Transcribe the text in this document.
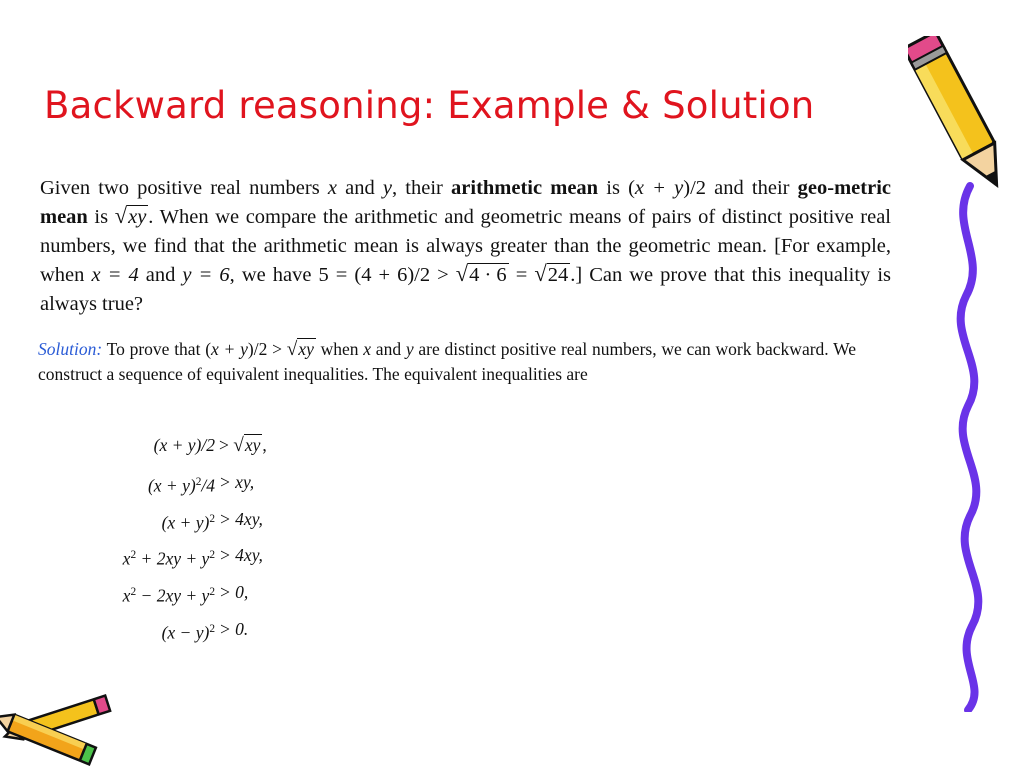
Backward reasoning: Example & Solution
Given two positive real numbers x and y, their arithmetic mean is (x + y)/2 and their geo-metric mean is √xy. When we compare the arithmetic and geometric means of pairs of distinct positive real numbers, we find that the arithmetic mean is always greater than the geometric mean. [For example, when x = 4 and y = 6, we have 5 = (4 + 6)/2 > √4 · 6 = √24.] Can we prove that this inequality is always true?
Solution: To prove that (x + y)/2 > √xy when x and y are distinct positive real numbers, we can work backward. We construct a sequence of equivalent inequalities. The equivalent inequalities are
(x + y)/2 > √xy ,
$(x + y)^2/4$ > xy,
$(x + y)^2 > 4xy$,
$x^2 + 2xy + y^2 > 4xy$,
$x^2 - 2xy + y^2 > 0$,
$(x - y)^2 > 0$.
